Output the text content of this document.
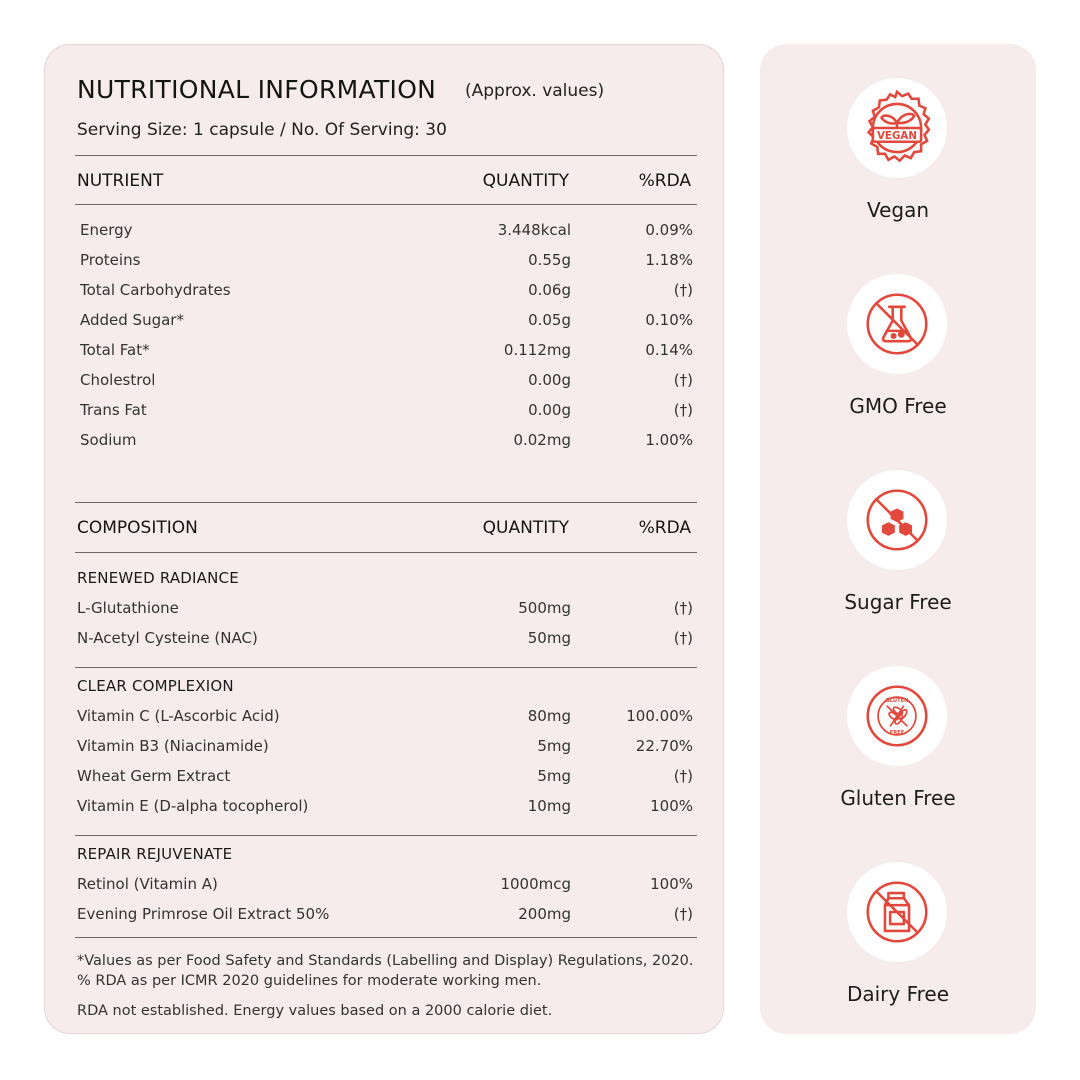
NUTRITIONAL INFORMATION (Approx. values)
Serving Size: 1 capsule / No. Of Serving: 30
NUTRIENT	QUANTITY	%RDA
Energy	3.448kcal	0.09%
Proteins	0.55g	1.18%
Total Carbohydrates	0.06g	(†)
Added Sugar*	0.05g	0.10%
Total Fat*	0.112mg	0.14%
Cholestrol	0.00g	(†)
Trans Fat	0.00g	(†)
Sodium	0.02mg	1.00%
COMPOSITION	QUANTITY	%RDA
RENEWED RADIANCE
L-Glutathione	500mg	(†)
N-Acetyl Cysteine (NAC)	50mg	(†)
CLEAR COMPLEXION
Vitamin C (L-Ascorbic Acid)	80mg	100.00%
Vitamin B3 (Niacinamide)	5mg	22.70%
Wheat Germ Extract	5mg	(†)
Vitamin E (D-alpha tocopherol)	10mg	100%
REPAIR REJUVENATE
Retinol (Vitamin A)	1000mcg	100%
Evening Primrose Oil Extract 50%	200mg	(†)
*Values as per Food Safety and Standards (Labelling and Display) Regulations, 2020. % RDA as per ICMR 2020 guidelines for moderate working men.
RDA not established. Energy values based on a 2000 calorie diet.
VEGAN
Vegan
GMO Free
Sugar Free
GLUTEN
FREE
Gluten Free
Dairy Free
